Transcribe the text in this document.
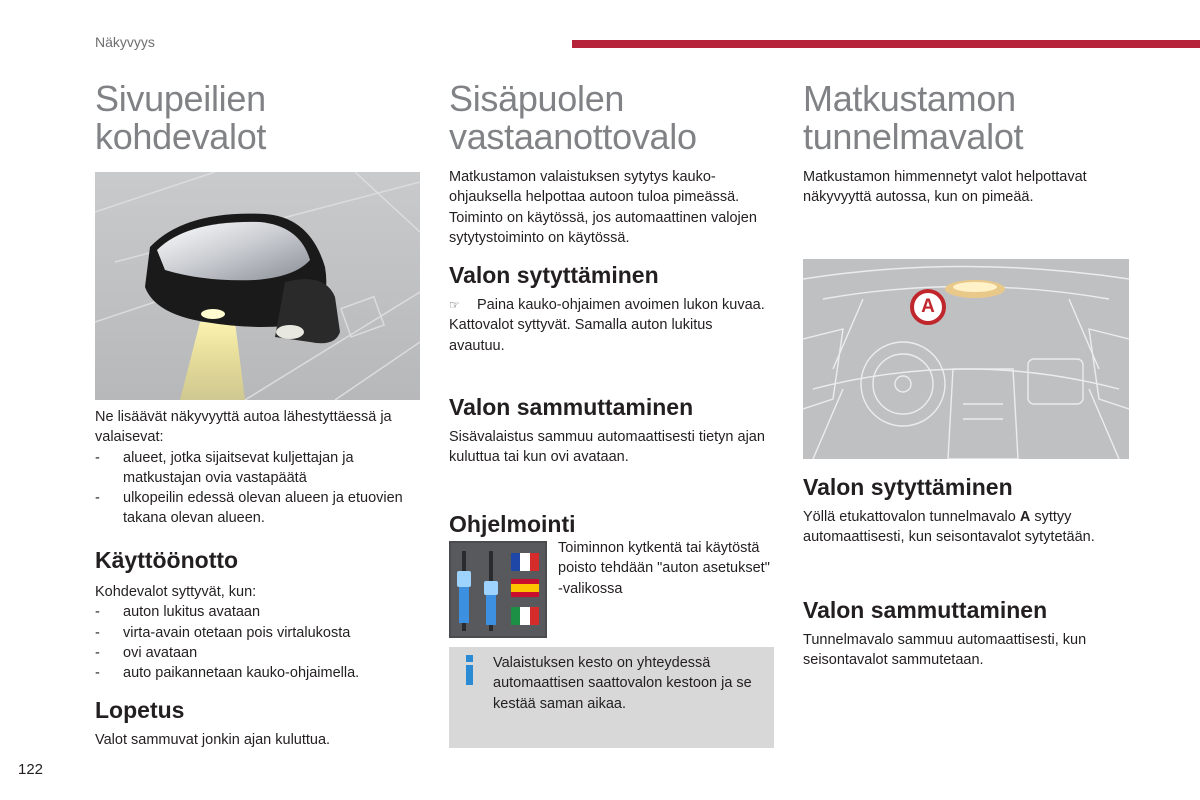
Näkyvyys
Sivupeilien
kohdevalot

Ne lisäävät näkyvyyttä autoa lähestyttäessä ja valaisevat:

-	alueet, jotka sijaitsevat kuljettajan ja matkustajan ovia vastapäätä
-	ulkopeilin edessä olevan alueen ja etuovien takana olevan alueen.
Käyttöönotto

Kohdevalot syttyvät, kun:

-	auton lukitus avataan
-	virta-avain otetaan pois virtalukosta
-	ovi avataan
-	auto paikannetaan kauko-ohjaimella.
Lopetus

Valot sammuvat jonkin ajan kuluttua.

Sisäpuolen
vastaanottovalo

Matkustamon valaistuksen sytytys kauko-ohjauksella helpottaa autoon tuloa pimeässä. Toiminto on käytössä, jos automaattinen valojen sytytystoiminto on käytössä.

Valon sytyttäminen
☞ Paina kauko-ohjaimen avoimen lukon kuvaa.

Kattovalot syttyvät. Samalla auton lukitus avautuu.

Valon sammuttaminen

Sisävalaistus sammuu automaattisesti tietyn ajan kuluttua tai kun ovi avataan.

Ohjelmointi

Toiminnon kytkentä tai käytöstä poisto tehdään "auton asetukset" -valikossa

Valaistuksen kesto on yhteydessä automaattisen saattovalon kestoon ja se kestää saman aikaa.
Matkustamon
tunnelmavalot

Matkustamon himmennetyt valot helpottavat näkyvyyttä autossa, kun on pimeää.

A
Valon sytyttäminen

Yöllä etukattovalon tunnelmavalo A syttyy automaattisesti, kun seisontavalot sytytetään.

Valon sammuttaminen

Tunnelmavalo sammuu automaattisesti, kun seisontavalot sammutetaan.

122
